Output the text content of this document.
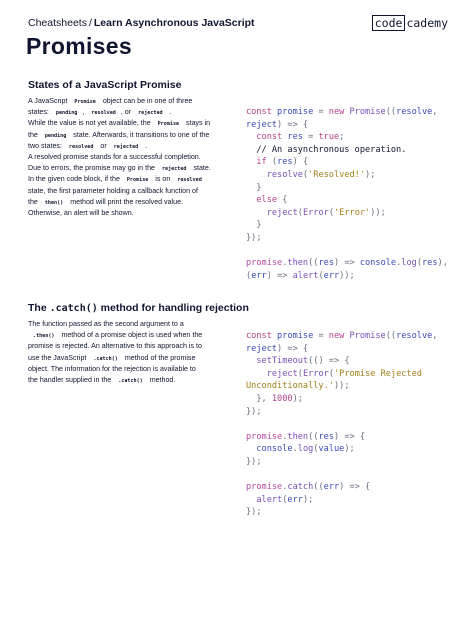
Cheatsheets / Learn Asynchronous JavaScript	code cademy
Promises
States of a JavaScript Promise
A JavaScript Promise object can be in one of three
states: pending , resolved , or rejected .
While the value is not yet available, the Promise stays in
the pending state. Afterwards, it transitions to one of the
two states: resolved or rejected .
A resolved promise stands for a successful completion.
Due to errors, the promise may go in the rejected state.
In the given code block, if the Promise is on resolved
state, the first parameter holding a callback function of
the then() method will print the resolved value.
Otherwise, an alert will be shown.
const promise = new Promise((resolve,
reject) => {
const res = true;
// An asynchronous operation.
if (res) {
resolve('Resolved!');
}
else {
reject(Error('Error'));
}
});
promise.then((res) => console.log(res),
(err) => alert(err));
The .catch() method for handling rejection
The function passed as the second argument to a
.then() method of a promise object is used when the
promise is rejected. An alternative to this approach is to
use the JavaScript .catch() method of the promise
object. The information for the rejection is available to
the handler supplied in the .catch() method.
const promise = new Promise((resolve,
reject) => {
setTimeout(() => {
reject(Error('Promise Rejected
Unconditionally.'));
}, 1000);
});
promise.then((res) => {
console.log(value);
});
promise.catch((err) => {
alert(err);
});
